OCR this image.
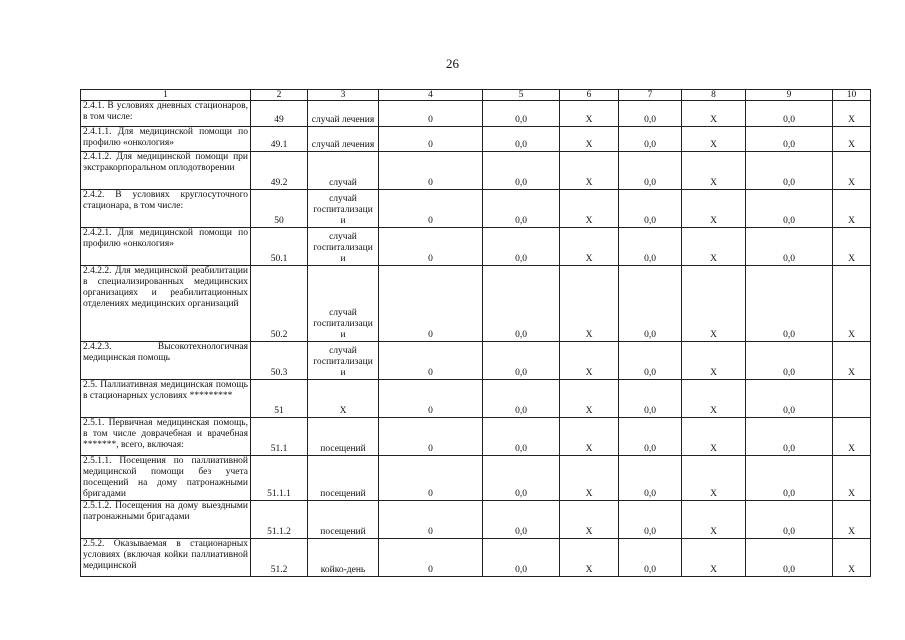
26
1	2	3	4	5	6	7	8	9	10
2.4.1. В условиях дневных стационаров, в том числе:	49	случай лечения	0	0,0	Х	0,0	Х	0,0	Х
2.4.1.1. Для медицинской помощи по профилю «онкология»	49.1	случай лечения	0	0,0	Х	0,0	Х	0,0	Х
2.4.1.2. Для медицинской помощи при экстракорпоральном оплодотворении	49.2	случай	0	0,0	Х	0,0	Х	0,0	Х
2.4.2. В условиях круглосуточного стационара, в том числе:	50	случай госпитализаци и	0	0,0	Х	0,0	Х	0,0	Х
2.4.2.1. Для медицинской помощи по профилю «онкология»	50.1	случай госпитализаци и	0	0,0	Х	0,0	Х	0,0	Х
2.4.2.2. Для медицинской реабилитации в специализированных медицинских организациях и реабилитационных отделениях медицинских организаций	50.2	случай госпитализаци и	0	0,0	Х	0,0	Х	0,0	Х
2.4.2.3. Высокотехнологичная медицинская помощь	50.3	случай госпитализаци и	0	0,0	Х	0,0	Х	0,0	Х
2.5. Паллиативная медицинская помощь в стационарных условиях *********	51	Х	0	0,0	Х	0,0	Х	0,0	
2.5.1. Первичная медицинская помощь, в том числе доврачебная и врачебная *******, всего, включая:	51.1	посещений	0	0,0	Х	0,0	Х	0,0	Х
2.5.1.1. Посещения по паллиативной медицинской помощи без учета посещений на дому патронажными бригадами	51.1.1	посещений	0	0,0	Х	0,0	Х	0,0	Х
2.5.1.2. Посещения на дому выездными патронажными бригадами	51.1.2	посещений	0	0,0	Х	0,0	Х	0,0	Х
2.5.2. Оказываемая в стационарных условиях (включая койки паллиативной медицинской	51.2	койко-день	0	0,0	Х	0,0	Х	0,0	Х
